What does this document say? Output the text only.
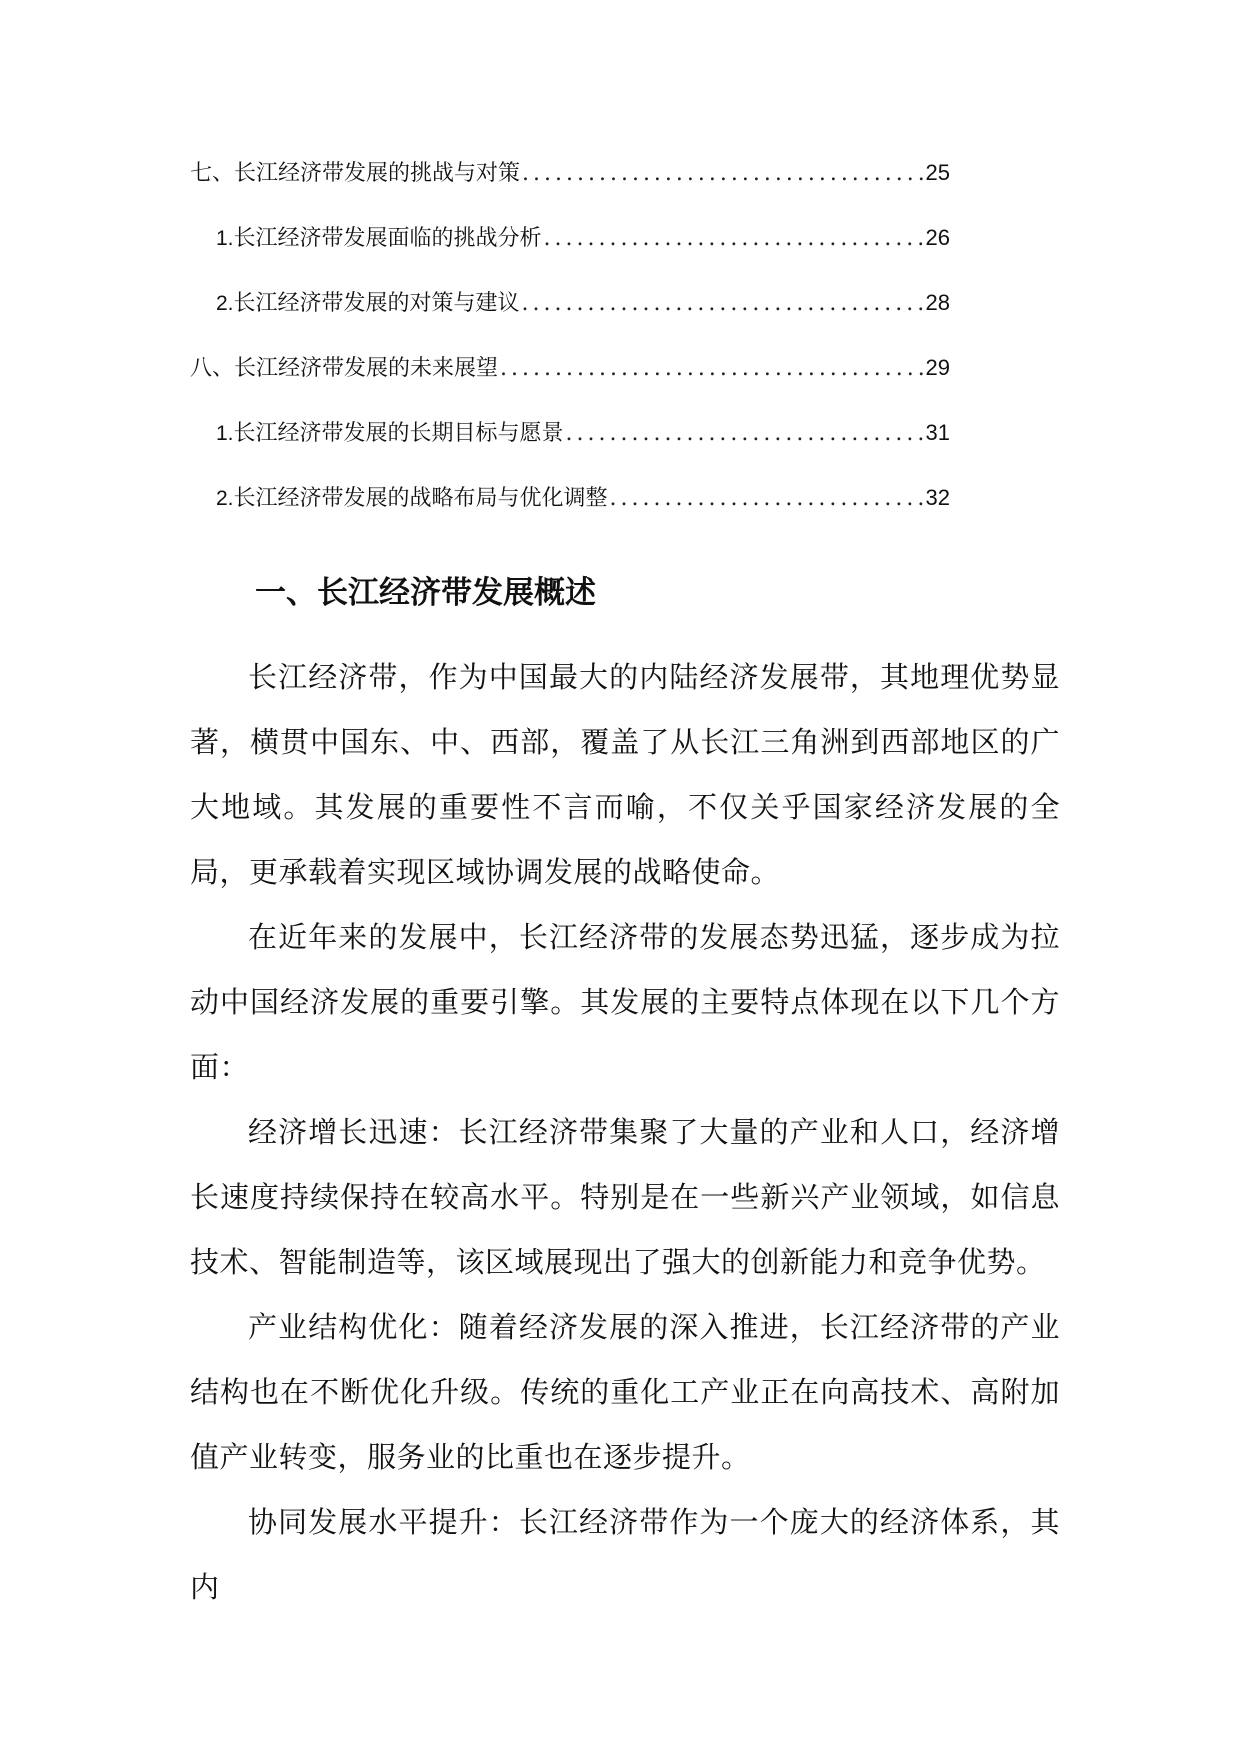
七、长江经济带发展的挑战与对策 .....	25
1. 长江经济带发展面临的挑战分析 .....	26
2. 长江经济带发展的对策与建议 .....	28
八、长江经济带发展的未来展望 .....	29
1. 长江经济带发展的长期目标与愿景 .....	31
2. 长江经济带发展的战略布局与优化调整 .....	32
一、长江经济带发展概述

长江经济带，作为中国最大的内陆经济发展带，其地理优势显著，横贯中国东、中、西部，覆盖了从长江三角洲到西部地区的广大地域。其发展的重要性不言而喻，不仅关乎国家经济发展的全局，更承载着实现区域协调发展的战略使命。

在近年来的发展中，长江经济带的发展态势迅猛，逐步成为拉动中国经济发展的重要引擎。其发展的主要特点体现在以下几个方面：

经济增长迅速：长江经济带集聚了大量的产业和人口，经济增长速度持续保持在较高水平。特别是在一些新兴产业领域，如信息技术、智能制造等，该区域展现出了强大的创新能力和竞争优势。

产业结构优化：随着经济发展的深入推进，长江经济带的产业结构也在不断优化升级。传统的重化工产业正在向高技术、高附加值产业转变，服务业的比重也在逐步提升。

协同发展水平提升：长江经济带作为一个庞大的经济体系，其内
